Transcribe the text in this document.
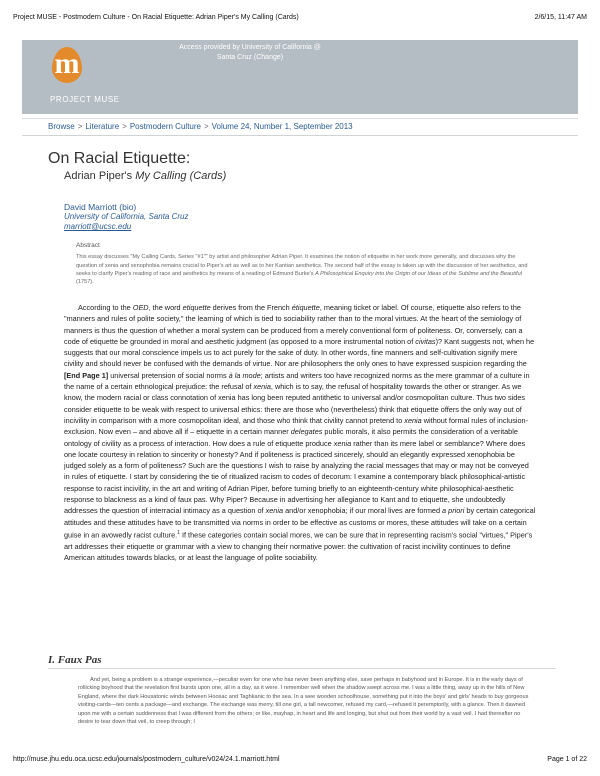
Project MUSE - Postmodern Culture - On Racial Etiquette: Adrian Piper's My Calling (Cards)	2/6/15, 11:47 AM
m
PROJECT MUSE
Access provided by University of California @
Santa Cruz (Change)
Browse > Literature > Postmodern Culture > Volume 24, Number 1, September 2013
On Racial Etiquette:
Adrian Piper's My Calling (Cards)
David Marriott (bio)
University of California, Santa Cruz
marriott@ucsc.edu
Abstract
This essay discusses "My Calling Cards, Series "#1"" by artist and philosopher Adrian Piper. It examines the notion of etiquette in her work more generally, and discusses why the question of xenia and xenophobia remains crucial to Piper's art as well as to her Kantian aesthetics. The second half of the essay is taken up with the discussion of her aesthetics, and seeks to clarify Piper's reading of race and aesthetics by means of a reading of Edmund Burke's A Philosophical Enquiry into the Origin of our Ideas of the Sublime and the Beautiful (1757).

According to the OED, the word etiquette derives from the French étiquette, meaning ticket or label. Of course, etiquette also refers to the "manners and rules of polite society," the learning of which is tied to sociability rather than to the moral virtues. At the heart of the semiology of manners is thus the question of whether a moral system can be produced from a merely conventional form of politeness. Or, conversely, can a code of etiquette be grounded in moral and aesthetic judgment (as opposed to a more instrumental notion of civitas)? Kant suggests not, when he suggests that our moral conscience impels us to act purely for the sake of duty. In other words, fine manners and self-cultivation signify mere civility and should never be confused with the demands of virtue. Nor are philosophers the only ones to have expressed suspicion regarding the [End Page 1] universal pretension of social norms à la mode; artists and writers too have recognized norms as the mere grammar of a culture in the name of a certain ethnological prejudice: the refusal of xenia, which is to say, the refusal of hospitality towards the other or stranger. As we know, the modern racial or class connotation of xenia has long been reputed antithetic to universal and/or cosmopolitan culture. Thus two sides consider etiquette to be weak with respect to universal ethics: there are those who (nevertheless) think that etiquette offers the only way out of incivility in comparison with a more cosmopolitan ideal, and those who think that civility cannot pretend to xenia without formal rules of inclusion-exclusion. Now even – and above all if – etiquette in a certain manner delegates public morals, it also permits the consideration of a veritable ontology of civility as a process of interaction. How does a rule of etiquette produce xenia rather than its mere label or semblance? Where does one locate courtesy in relation to sincerity or honesty? And if politeness is practiced sincerely, should an elegantly expressed xenophobia be judged solely as a form of politeness? Such are the questions I wish to raise by analyzing the racial messages that may or may not be conveyed in rules of etiquette. I start by considering the tie of ritualized racism to codes of decorum: I examine a contemporary black philosophical-artistic response to racist incivility, in the art and writing of Adrian Piper, before turning briefly to an eighteenth-century white philosophical-aesthetic response to blackness as a kind of faux pas. Why Piper? Because in advertising her allegiance to Kant and to etiquette, she undoubtedly addresses the question of interracial intimacy as a question of xenia and/or xenophobia; if our moral lives are formed a priori by certain categorical attitudes and these attitudes have to be transmitted via norms in order to be effective as customs or mores, these attitudes will take on a certain guise in an avowedly racist culture.$^1$ If these categories contain social mores, we can be sure that in representing racism's social "virtues," Piper's art addresses their etiquette or grammar with a view to changing their normative power: the cultivation of racist incivility continues to define American attitudes towards blacks, or at least the language of polite sociability.

I. Faux Pas
And yet, being a problem is a strange experience,—peculiar even for one who has never been anything else, save perhaps in babyhood and in Europe. It is in the early days of rollicking boyhood that the revelation first bursts upon one, all in a day, as it were. I remember well when the shadow swept across me. I was a little thing, away up in the hills of New England, where the dark Housatonic winds between Hoosac and Taghkanic to the sea. In a wee wooden schoolhouse, something put it into the boys' and girls' heads to buy gorgeous visiting-cards—ten cents a package—and exchange. The exchange was merry, till one girl, a tall newcomer, refused my card,—refused it peremptorily, with a glance. Then it dawned upon me with a certain suddenness that I was different from the others; or like, mayhap, in heart and life and longing, but shut out from their world by a vast veil. I had thereafter no desire to tear down that veil, to creep through; I
http://muse.jhu.edu.oca.ucsc.edu/journals/postmodern_culture/v024/24.1.marriott.html	Page 1 of 22
